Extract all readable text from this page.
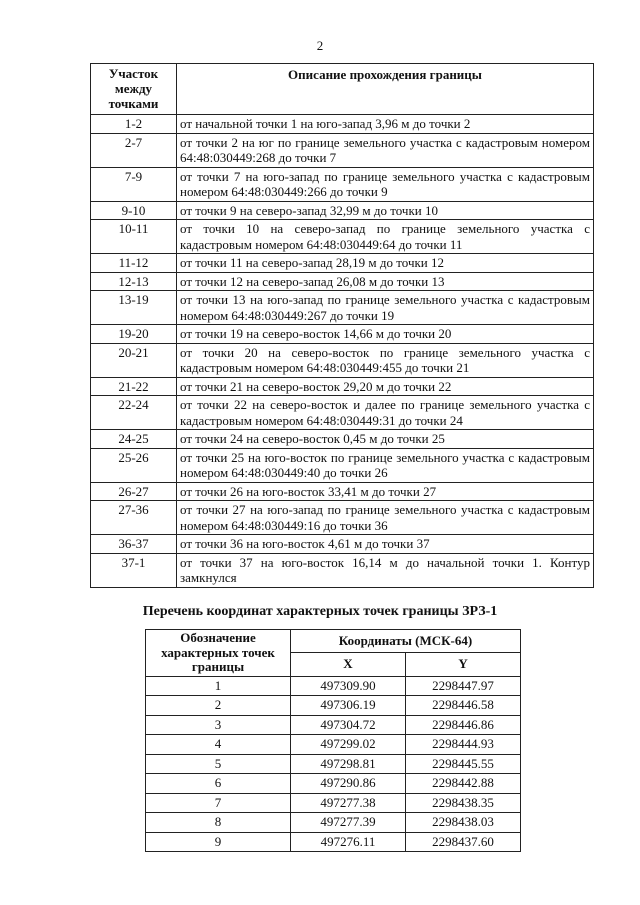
2
Участок между точками	Описание прохождения границы
1-2	от начальной точки 1 на юго-запад 3,96 м до точки 2
2-7	от точки 2 на юг по границе земельного участка с кадастровым номером 64:48:030449:268 до точки 7
7-9	от точки 7 на юго-запад по границе земельного участка с кадастровым номером 64:48:030449:266 до точки 9
9-10	от точки 9 на северо-запад 32,99 м до точки 10
10-11	от точки 10 на северо-запад по границе земельного участка с кадастровым номером 64:48:030449:64 до точки 11
11-12	от точки 11 на северо-запад 28,19 м до точки 12
12-13	от точки 12 на северо-запад 26,08 м до точки 13
13-19	от точки 13 на юго-запад по границе земельного участка с кадастровым номером 64:48:030449:267 до точки 19
19-20	от точки 19 на северо-восток 14,66 м до точки 20
20-21	от точки 20 на северо-восток по границе земельного участка с кадастровым номером 64:48:030449:455 до точки 21
21-22	от точки 21 на северо-восток 29,20 м до точки 22
22-24	от точки 22 на северо-восток и далее по границе земельного участка с кадастровым номером 64:48:030449:31 до точки 24
24-25	от точки 24 на северо-восток 0,45 м до точки 25
25-26	от точки 25 на юго-восток по границе земельного участка с кадастровым номером 64:48:030449:40 до точки 26
26-27	от точки 26 на юго-восток 33,41 м до точки 27
27-36	от точки 27 на юго-запад по границе земельного участка с кадастровым номером 64:48:030449:16 до точки 36
36-37	от точки 36 на юго-восток 4,61 м до точки 37
37-1	от точки 37 на юго-восток 16,14 м до начальной точки 1. Контур замкнулся
Перечень координат характерных точек границы ЗРЗ-1
Обозначение характерных точек границы	Координаты (МСК-64)	
	X	Y
1	497309.90	2298447.97
2	497306.19	2298446.58
3	497304.72	2298446.86
4	497299.02	2298444.93
5	497298.81	2298445.55
6	497290.86	2298442.88
7	497277.38	2298438.35
8	497277.39	2298438.03
9	497276.11	2298437.60
